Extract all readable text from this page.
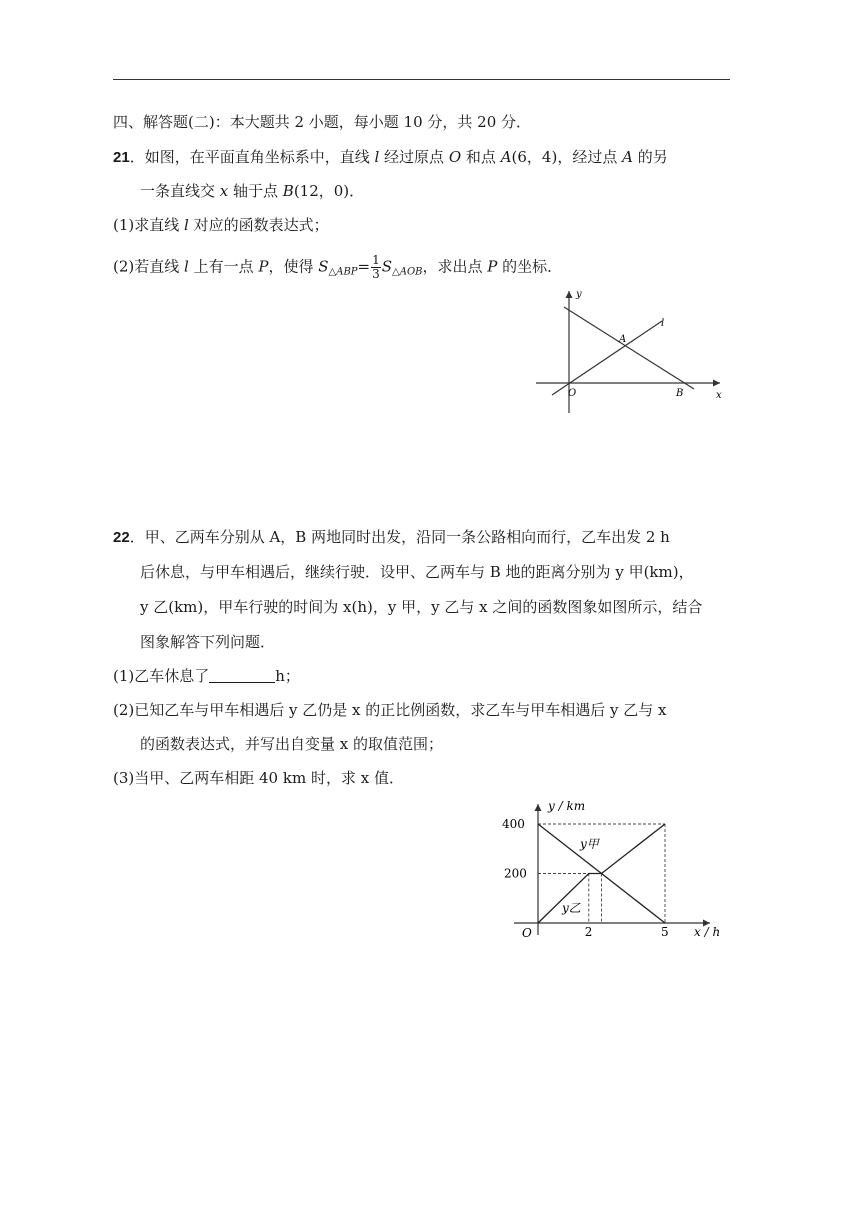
四、解答题(二)：本大题共 2 小题，每小题 10 分，共 20 分．
21．如图，在平面直角坐标系中，直线 l 经过原点 O 和点 A(6，4)，经过点 A 的另
一条直线交 x 轴于点 B(12，0)．
(1)求直线 l 对应的函数表达式；
(2)若直线 l 上有一点 P，使得 $S_{\triangle ABP}= \frac{1}{3} S_{\triangle AOB}$，求出点 P 的坐标．
y
x
O
A
B
l
22．甲、乙两车分别从 A，B 两地同时出发，沿同一条公路相向而行，乙车出发 2 h
后休息，与甲车相遇后，继续行驶．设甲、乙两车与 B 地的距离分别为 y 甲(km)，
y 乙(km)，甲车行驶的时间为 x(h)，y 甲，y 乙与 x 之间的函数图象如图所示，结合
图象解答下列问题．
(1)乙车休息了	h；
(2)已知乙车与甲车相遇后 y 乙仍是 x 的正比例函数，求乙车与甲车相遇后 y 乙与 x
的函数表达式，并写出自变量 x 的取值范围；
(3)当甲、乙两车相距 40 km 时，求 x 值．
400
200
2	5
O
y / km
x / h
y甲
y乙
